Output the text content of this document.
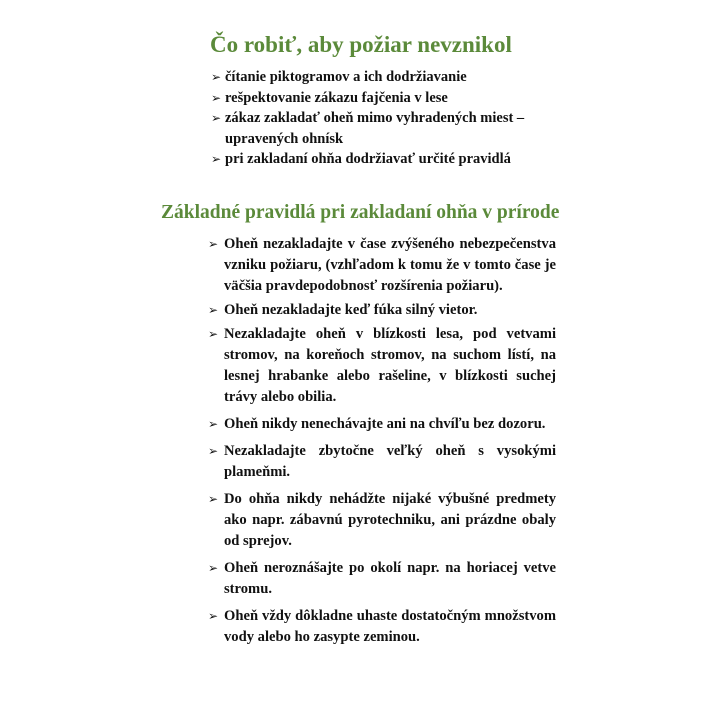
Čo robiť, aby požiar nevznikol
➢ čítanie piktogramov a ich dodržiavanie
➢ rešpektovanie zákazu fajčenia v lese
➢ zákaz zakladať oheň mimo vyhradených miest – upravených ohnísk
➢ pri zakladaní ohňa dodržiavať určité pravidlá
Základné pravidlá pri zakladaní ohňa v prírode
➢ Oheň nezakladajte v čase zvýšeného nebezpečenstva vzniku požiaru, (vzhľadom k tomu že v tomto čase je väčšia pravdepodobnosť rozšírenia požiaru).
➢ Oheň nezakladajte keď fúka silný vietor.
➢ Nezakladajte oheň v blízkosti lesa, pod vetvami stromov, na koreňoch stromov, na suchom lístí, na lesnej hrabanke alebo rašeline, v blízkosti suchej trávy alebo obilia.
➢ Oheň nikdy nenechávajte ani na chvíľu bez dozoru.
➢ Nezakladajte zbytočne veľký oheň s vysokými plameňmi.
➢ Do ohňa nikdy nehádžte nijaké výbušné predmety ako napr. zábavnú pyrotechniku, ani prázdne obaly od sprejov.
➢ Oheň neroznášajte po okolí napr. na horiacej vetve stromu.
➢ Oheň vždy dôkladne uhaste dostatočným množstvom vody alebo ho zasypte zeminou.
